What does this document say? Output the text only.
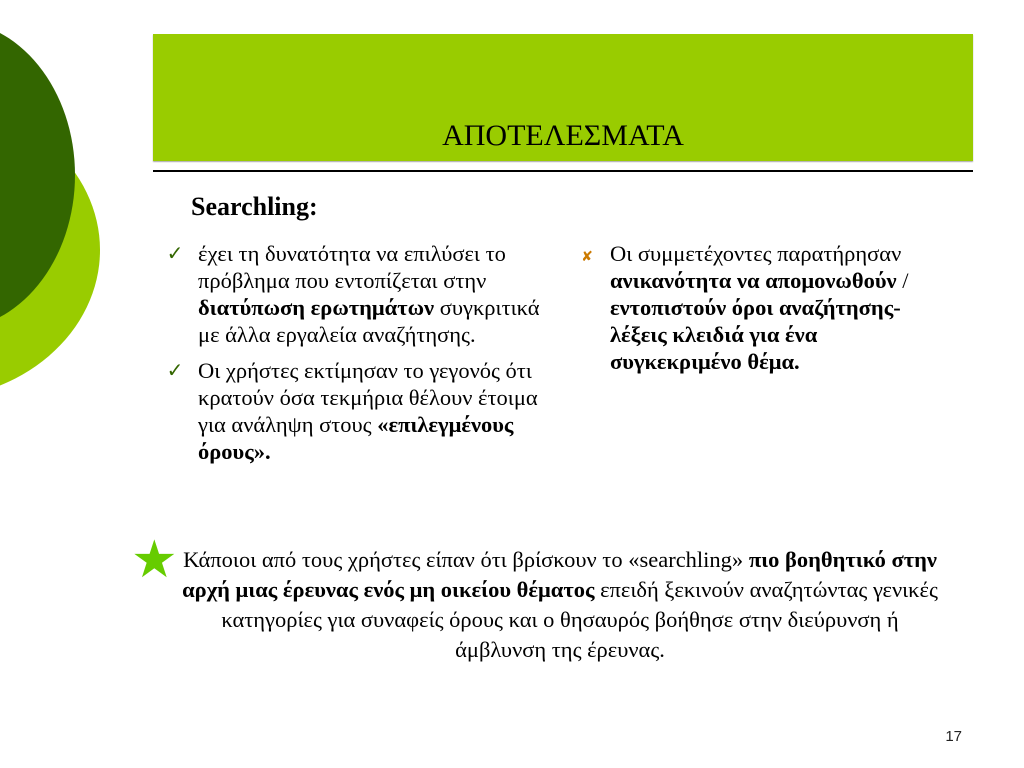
ΑΠΟΤΕΛΕΣΜΑΤΑ
Searchling:
✓ έχει τη δυνατότητα να επιλύσει το πρόβλημα που εντοπίζεται στην διατύπωση ερωτημάτων συγκριτικά με άλλα εργαλεία αναζήτησης.
✓ Οι χρήστες εκτίμησαν το γεγονός ότι κρατούν όσα τεκμήρια θέλουν έτοιμα για ανάληψη στους «επιλεγμένους όρους».
✘ Οι συμμετέχοντες παρατήρησαν ανικανότητα να απομονωθούν / εντοπιστούν όροι αναζήτησης-λέξεις κλειδιά για ένα συγκεκριμένο θέμα.
★ Κάποιοι από τους χρήστες είπαν ότι βρίσκουν το «searchling» πιο βοηθητικό στην αρχή μιας έρευνας ενός μη οικείου θέματος επειδή ξεκινούν αναζητώντας γενικές κατηγορίες για συναφείς όρους και ο θησαυρός βοήθησε στην διεύρυνση ή άμβλυνση της έρευνας.
17
